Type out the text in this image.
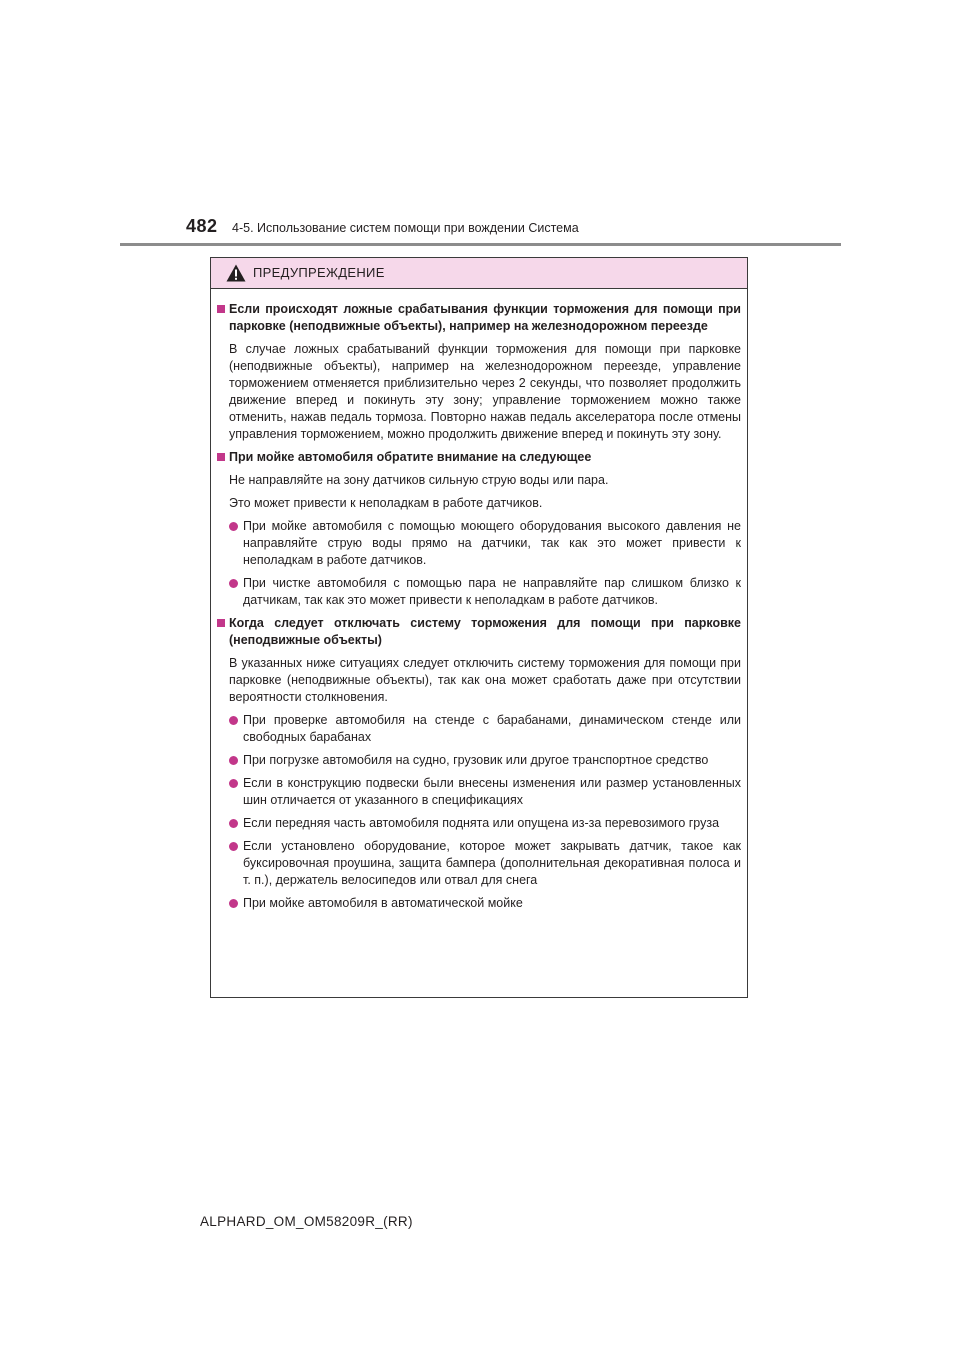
482 4-5. Использование систем помощи при вождении Система
ПРЕДУПРЕЖДЕНИЕ
Если происходят ложные срабатывания функции торможения для помощи при парковке (неподвижные объекты), например на железнодорожном переезде

В случае ложных срабатываний функции торможения для помощи при парковке (неподвижные объекты), например на железнодорожном переезде, управление торможением отменяется приблизительно через 2 секунды, что позволяет продолжить движение вперед и покинуть эту зону; управление торможением можно также отменить, нажав педаль тормоза. Повторно нажав педаль акселератора после отмены управления торможением, можно продолжить движение вперед и покинуть эту зону.

При мойке автомобиля обратите внимание на следующее

Не направляйте на зону датчиков сильную струю воды или пара.

Это может привести к неполадкам в работе датчиков.

При мойке автомобиля с помощью моющего оборудования высокого давления не направляйте струю воды прямо на датчики, так как это может привести к неполадкам в работе датчиков.
При чистке автомобиля с помощью пара не направляйте пар слишком близко к датчикам, так как это может привести к неполадкам в работе датчиков.
Когда следует отключать систему торможения для помощи при парковке (неподвижные объекты)

В указанных ниже ситуациях следует отключить систему торможения для помощи при парковке (неподвижные объекты), так как она может сработать даже при отсутствии вероятности столкновения.

При проверке автомобиля на стенде с барабанами, динамическом стенде или свободных барабанах
При погрузке автомобиля на судно, грузовик или другое транспортное средство
Если в конструкцию подвески были внесены изменения или размер установленных шин отличается от указанного в спецификациях
Если передняя часть автомобиля поднята или опущена из-за перевозимого груза
Если установлено оборудование, которое может закрывать датчик, такое как буксировочная проушина, защита бампера (дополнительная декоративная полоса и т. п.), держатель велосипедов или отвал для снега
При мойке автомобиля в автоматической мойке
ALPHARD_OM_OM58209R_(RR)
